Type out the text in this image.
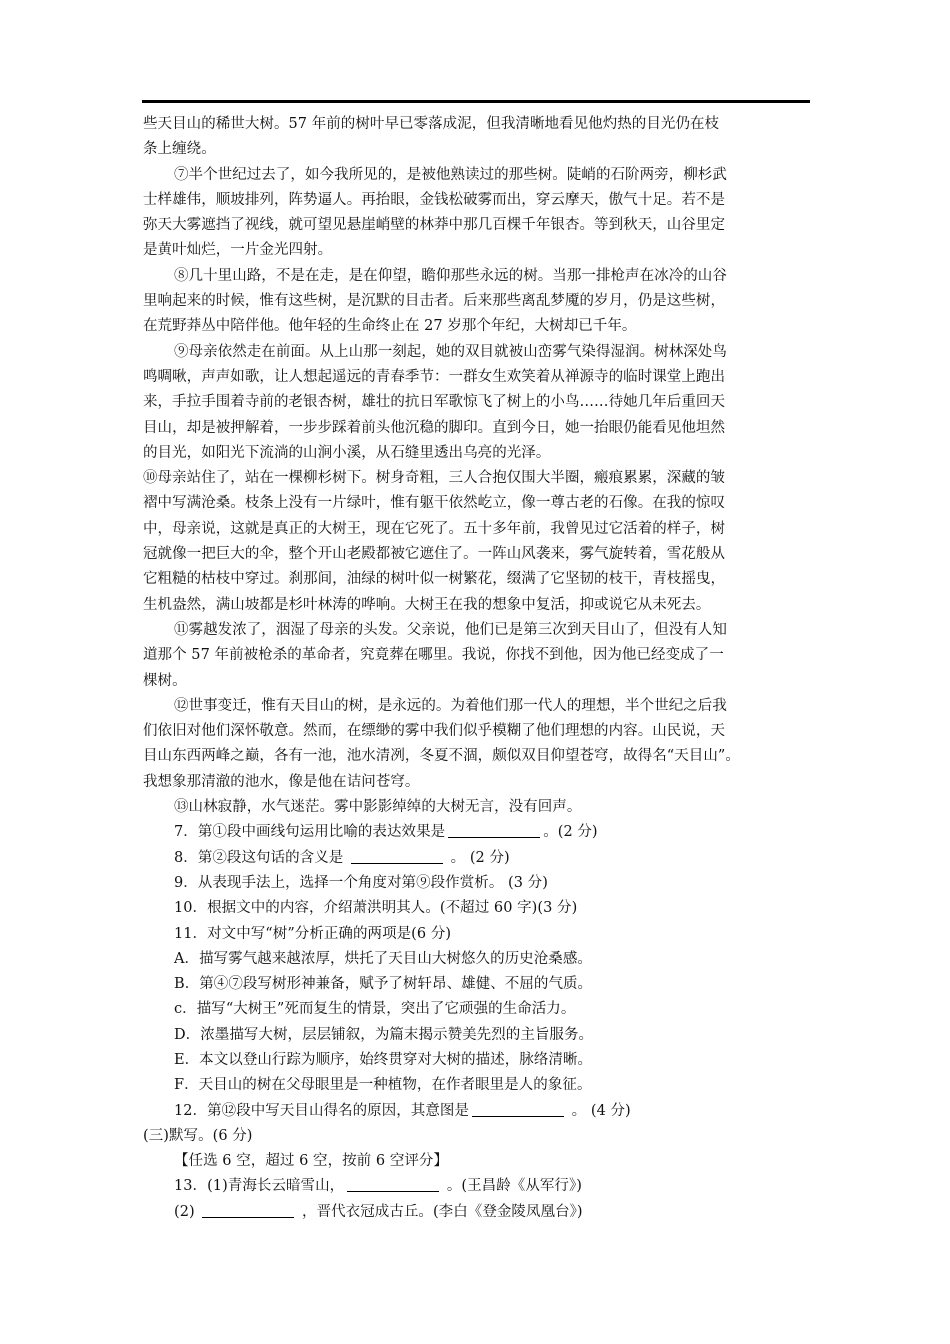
些天目山的稀世大树。57 年前的树叶早已零落成泥，但我清晰地看见他灼热的目光仍在枝
条上缠绕。
⑦半个世纪过去了，如今我所见的，是被他熟读过的那些树。陡峭的石阶两旁，柳杉武
士样雄伟，顺坡排列，阵势逼人。再抬眼，金钱松破雾而出，穿云摩天，傲气十足。若不是
弥天大雾遮挡了视线，就可望见悬崖峭壁的林莽中那几百棵千年银杏。等到秋天，山谷里定
是黄叶灿烂，一片金光四射。
⑧几十里山路，不是在走，是在仰望，瞻仰那些永远的树。当那一排枪声在冰冷的山谷
里响起来的时候，惟有这些树，是沉默的目击者。后来那些离乱梦魇的岁月，仍是这些树，
在荒野莽丛中陪伴他。他年轻的生命终止在 27 岁那个年纪，大树却已千年。
⑨母亲依然走在前面。从上山那一刻起，她的双目就被山峦雾气染得湿润。树林深处鸟
鸣啁啾，声声如歌，让人想起遥远的青春季节：一群女生欢笑着从禅源寺的临时课堂上跑出
来，手拉手围着寺前的老银杏树，雄壮的抗日军歌惊飞了树上的小鸟……待她几年后重回天
目山，却是被押解着，一步步踩着前头他沉稳的脚印。直到今日，她一抬眼仍能看见他坦然
的目光，如阳光下流淌的山涧小溪，从石缝里透出乌亮的光泽。
⑩母亲站住了，站在一棵柳杉树下。树身奇粗，三人合抱仅围大半圈，瘢痕累累，深藏的皱
褶中写满沧桑。枝条上没有一片绿叶，惟有躯干依然屹立，像一尊古老的石像。在我的惊叹
中，母亲说，这就是真正的大树王，现在它死了。五十多年前，我曾见过它活着的样子，树
冠就像一把巨大的伞，整个开山老殿都被它遮住了。一阵山风袭来，雾气旋转着，雪花般从
它粗糙的枯枝中穿过。刹那间，油绿的树叶似一树繁花，缀满了它坚韧的枝干，青枝摇曳，
生机盎然，满山坡都是杉叶林涛的哗响。大树王在我的想象中复活，抑或说它从未死去。
⑪雾越发浓了，洇湿了母亲的头发。父亲说，他们已是第三次到天目山了，但没有人知
道那个 57 年前被枪杀的革命者，究竟葬在哪里。我说，你找不到他，因为他已经变成了一
棵树。
⑫世事变迁，惟有天目山的树，是永远的。为着他们那一代人的理想，半个世纪之后我
们依旧对他们深怀敬意。然而，在缥缈的雾中我们似乎模糊了他们理想的内容。山民说，天
目山东西两峰之巅，各有一池，池水清冽，冬夏不涸，颇似双目仰望苍穹，故得名“天目山”。
我想象那清澈的池水，像是他在诘问苍穹。
⑬山林寂静，水气迷茫。雾中影影绰绰的大树无言，没有回声。
7．第①段中画线句运用比喻的表达效果是	。(2 分)
8．第②段这句话的含义是	。 (2 分)
9．从表现手法上，选择一个角度对第⑨段作赏析。 (3 分)
10．根据文中的内容，介绍萧洪明其人。(不超过 60 字)(3 分)
11．对文中写“树”分析正确的两项是(6 分)
A．描写雾气越来越浓厚，烘托了天目山大树悠久的历史沧桑感。
B．第④⑦段写树形神兼备，赋予了树轩昂、雄健、不屈的气质。
c．描写“大树王”死而复生的情景，突出了它顽强的生命活力。
D．浓墨描写大树，层层铺叙，为篇末揭示赞美先烈的主旨服务。
E．本文以登山行踪为顺序，始终贯穿对大树的描述，脉络清晰。
F．天目山的树在父母眼里是一种植物，在作者眼里是人的象征。
12．第⑫段中写天目山得名的原因，其意图是	。 (4 分)
(三)默写。(6 分)
【任选 6 空，超过 6 空，按前 6 空评分】
13．(1)青海长云暗雪山，	。(王昌龄《从军行》)
(2)	，晋代衣冠成古丘。(李白《登金陵凤凰台》)
